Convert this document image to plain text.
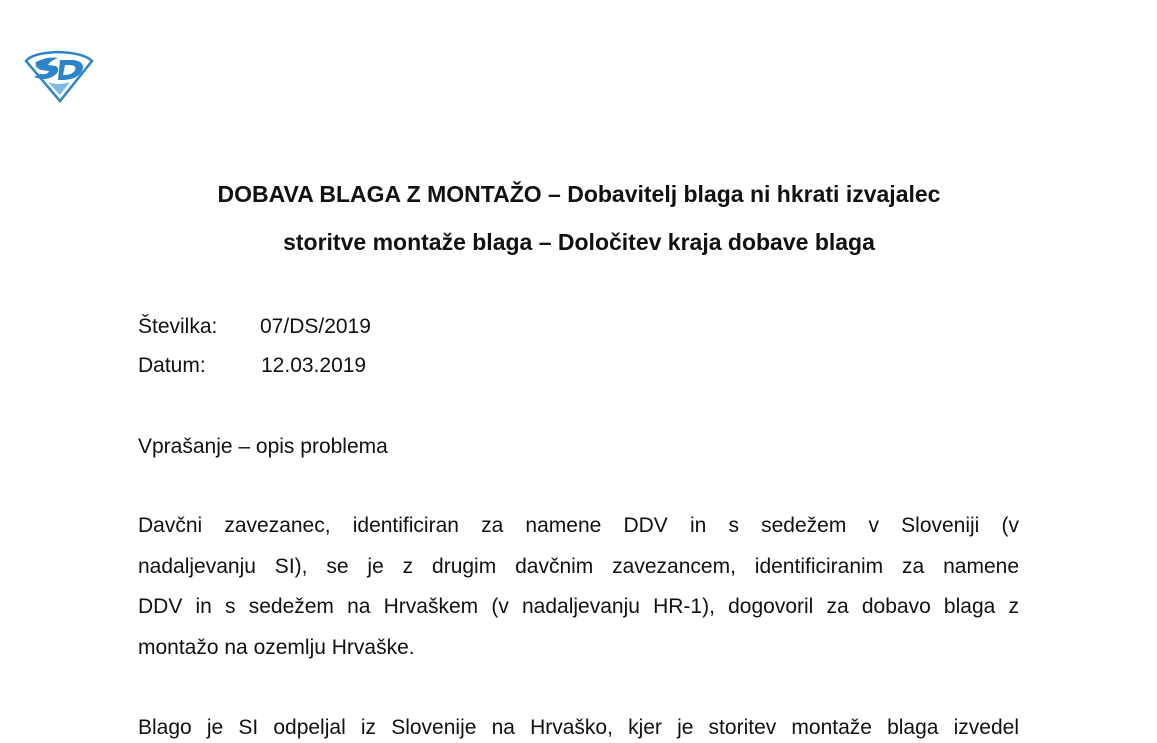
DOBAVA BLAGA Z MONTAŽO – Dobavitelj blaga ni hkrati izvajalec
storitve montaže blaga – Določitev kraja dobave blaga
Številka:	07/DS/2019
Datum:	12.03.2019
Vprašanje – opis problema

Davčni zavezanec, identificiran za namene DDV in s sedežem v Sloveniji (v
nadaljevanju SI), se je z drugim davčnim zavezancem, identificiranim za namene
DDV in s sedežem na Hrvaškem (v nadaljevanju HR-1), dogovoril za dobavo blaga z
montažo na ozemlju Hrvaške.

Blago je SI odpeljal iz Slovenije na Hrvaško, kjer je storitev montaže blaga izvedel
